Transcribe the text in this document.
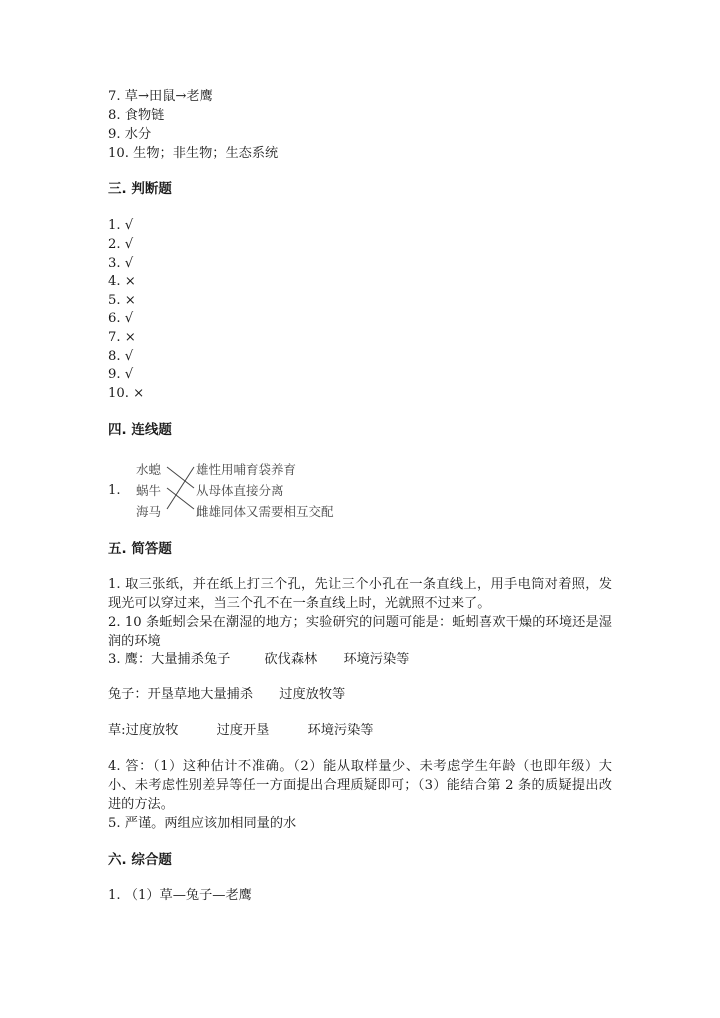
7. 草→田鼠→老鹰
8. 食物链
9. 水分
10. 生物；非生物；生态系统
三. 判断题
1. √
2. √
3. √
4. ×
5. ×
6. √
7. ×
8. √
9. √
10. ×
四. 连线题
1.
水螅
蜗牛
海马
雄性用哺育袋养育
从母体直接分离
雌雄同体又需要相互交配
五. 简答题
1. 取三张纸，并在纸上打三个孔，先让三个小孔在一条直线上，用手电筒对着照，发现光可以穿过来，当三个孔不在一条直线上时，光就照不过来了。
2. 10 条蚯蚓会呆在潮湿的地方；实验研究的问题可能是：蚯蚓喜欢干燥的环境还是湿润的环境
3. 鹰：大量捕杀兔子	砍伐森林 环境污染等
兔子：开垦草地大量捕杀 过度放牧等
草:过度放牧	过度开垦	环境污染等
4. 答：（1）这种估计不准确。（2）能从取样量少、未考虑学生年龄（也即年级）大小、未考虑性别差异等任一方面提出合理质疑即可；（3）能结合第 2 条的质疑提出改进的方法。
5. 严谨。两组应该加相同量的水
六. 综合题
1. （1）草—兔子—老鹰
